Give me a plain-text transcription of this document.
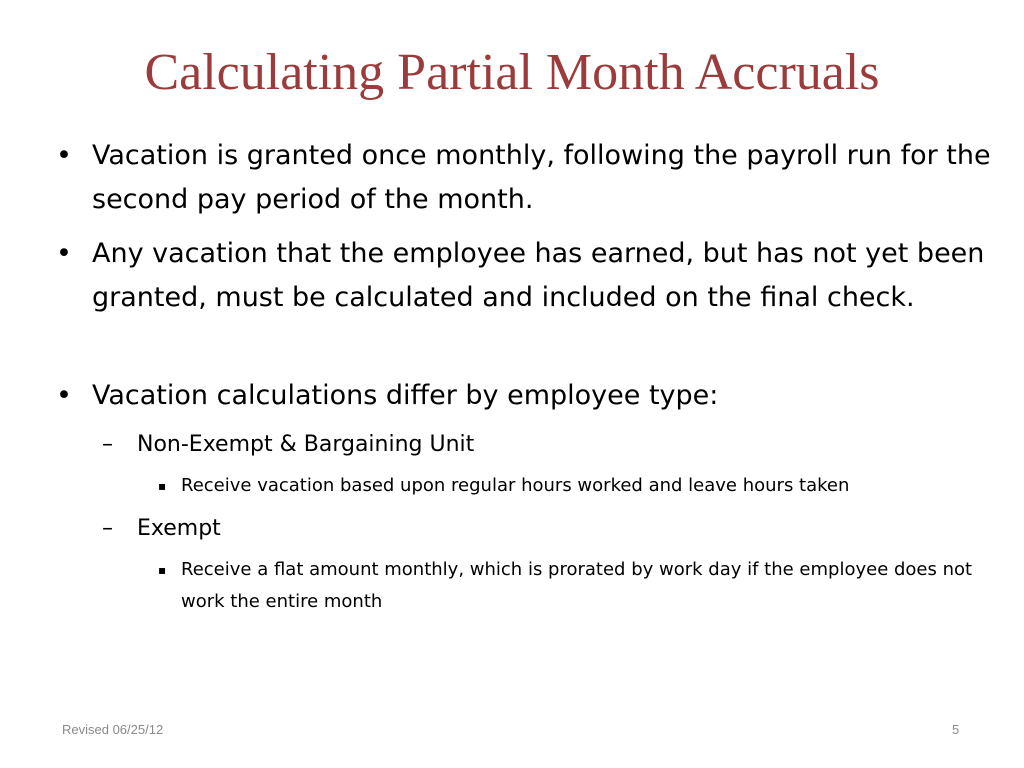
Calculating Partial Month Accruals
• Vacation is granted once monthly, following the payroll run for the second pay period of the month.
• Any vacation that the employee has earned, but has not yet been granted, must be calculated and included on the final check.
• Vacation calculations differ by employee type:
– Non-Exempt & Bargaining Unit
▪ Receive vacation based upon regular hours worked and leave hours taken
– Exempt
▪ Receive a flat amount monthly, which is prorated by work day if the employee does not work the entire month
Revised 06/25/12	5
